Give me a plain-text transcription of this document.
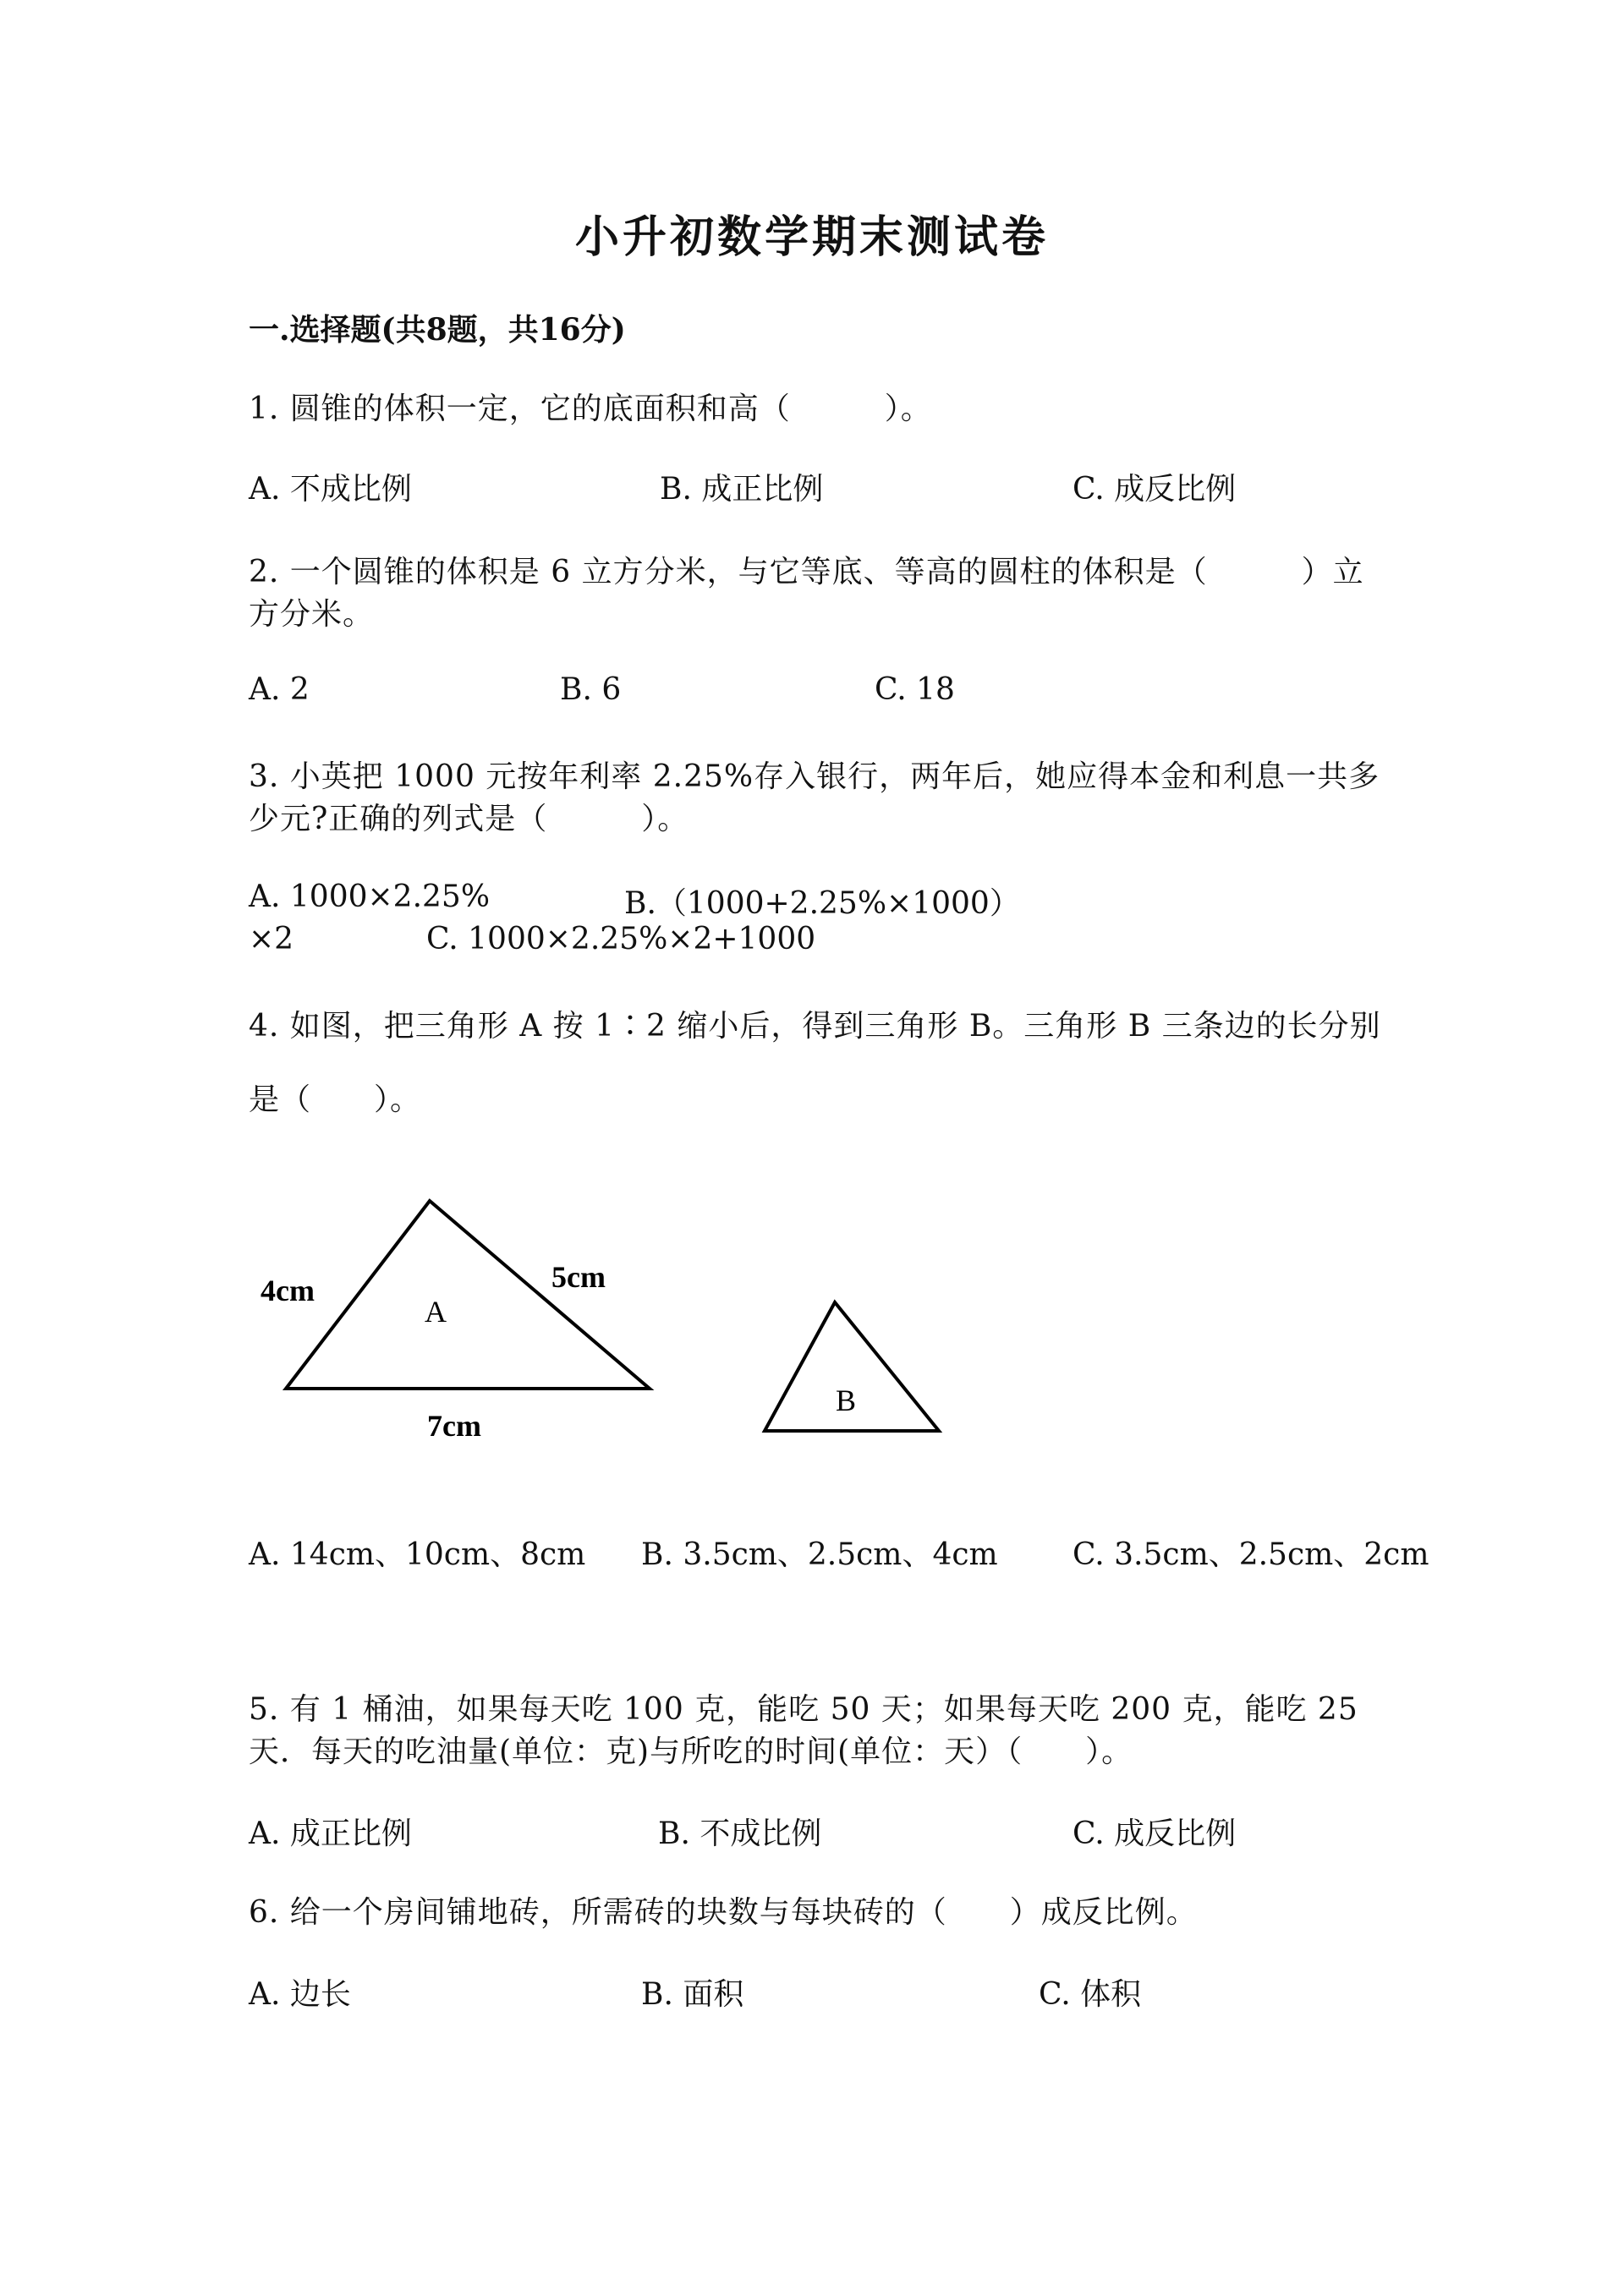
小升初数学期末测试卷
一.选择题(共8题，共16分)
1. 圆锥的体积一定，它的底面积和高（　　　）。
A. 不成比例	B. 成正比例	C. 成反比例
2. 一个圆锥的体积是 6 立方分米，与它等底、等高的圆柱的体积是（　　　）立
方分米。
A. 2	B. 6	C. 18
3. 小英把 1000 元按年利率 2.25%存入银行，两年后，她应得本金和利息一共多
少元?正确的列式是（　　　）。
A. 1000×2.25%	B.（1000+2.25%×1000）
×2	C. 1000×2.25%×2+1000
4. 如图，把三角形 A 按 1∶2 缩小后，得到三角形 B。三角形 B 三条边的长分别
是（　　）。
4cm	5cm
7cm
A
B
A. 14cm、10cm、8cm B. 3.5cm、2.5cm、4cm C. 3.5cm、2.5cm、2cm
5. 有 1 桶油，如果每天吃 100 克，能吃 50 天；如果每天吃 200 克，能吃 25
天．每天的吃油量(单位：克)与所吃的时间(单位：天）（　　）。
A. 成正比例	B. 不成比例	C. 成反比例
6. 给一个房间铺地砖，所需砖的块数与每块砖的（　　）成反比例。
A. 边长	B. 面积	C. 体积
